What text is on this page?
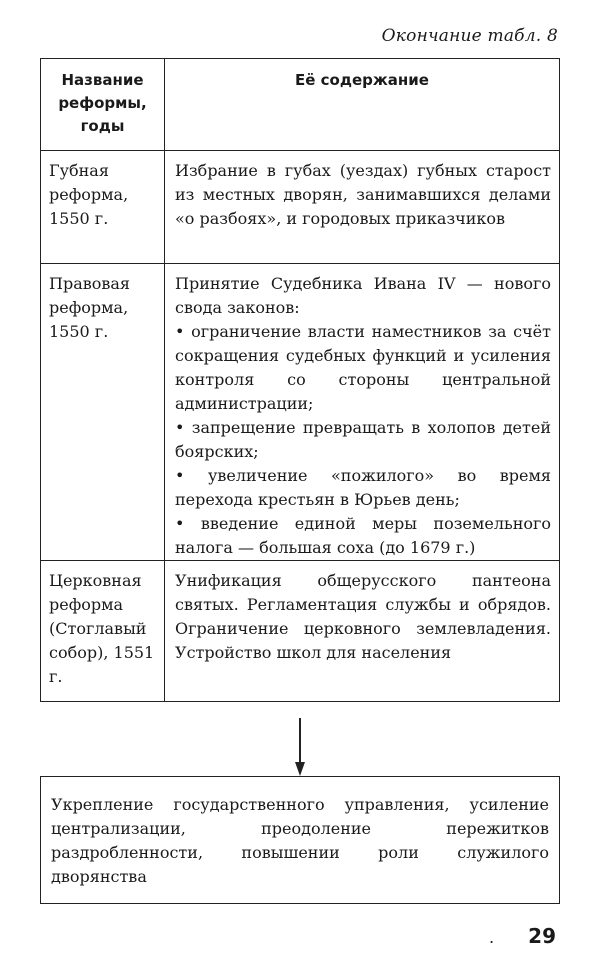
Окончание табл. 8
Название реформы, годы	Её содержание
Губная реформа, 1550 г.	Избрание в губах (уездах) губных старост из местных дворян, занимавшихся делами «о разбоях», и городовых приказчиков
Правовая реформа, 1550 г.	Принятие Судебника Ивана IV — нового свода законов:
• ограничение власти наместников за счёт сокращения судебных функций и усиления контроля со стороны центральной администрации;
• запрещение превращать в холопов детей боярских;
• увеличение «пожилого» во время перехода крестьян в Юрьев день;
• введение единой меры поземельного налога — большая соха (до 1679 г.)

Церковная реформа (Стоглавый собор), 1551 г.	Унификация общерусского пантеона святых. Регламентация службы и обрядов. Ограничение церковного землевладения. Устройство школ для населения
Укрепление государственного управления, усиление централизации, преодоление пережитков раздробленности, повышении роли служилого дворянства
. 29
